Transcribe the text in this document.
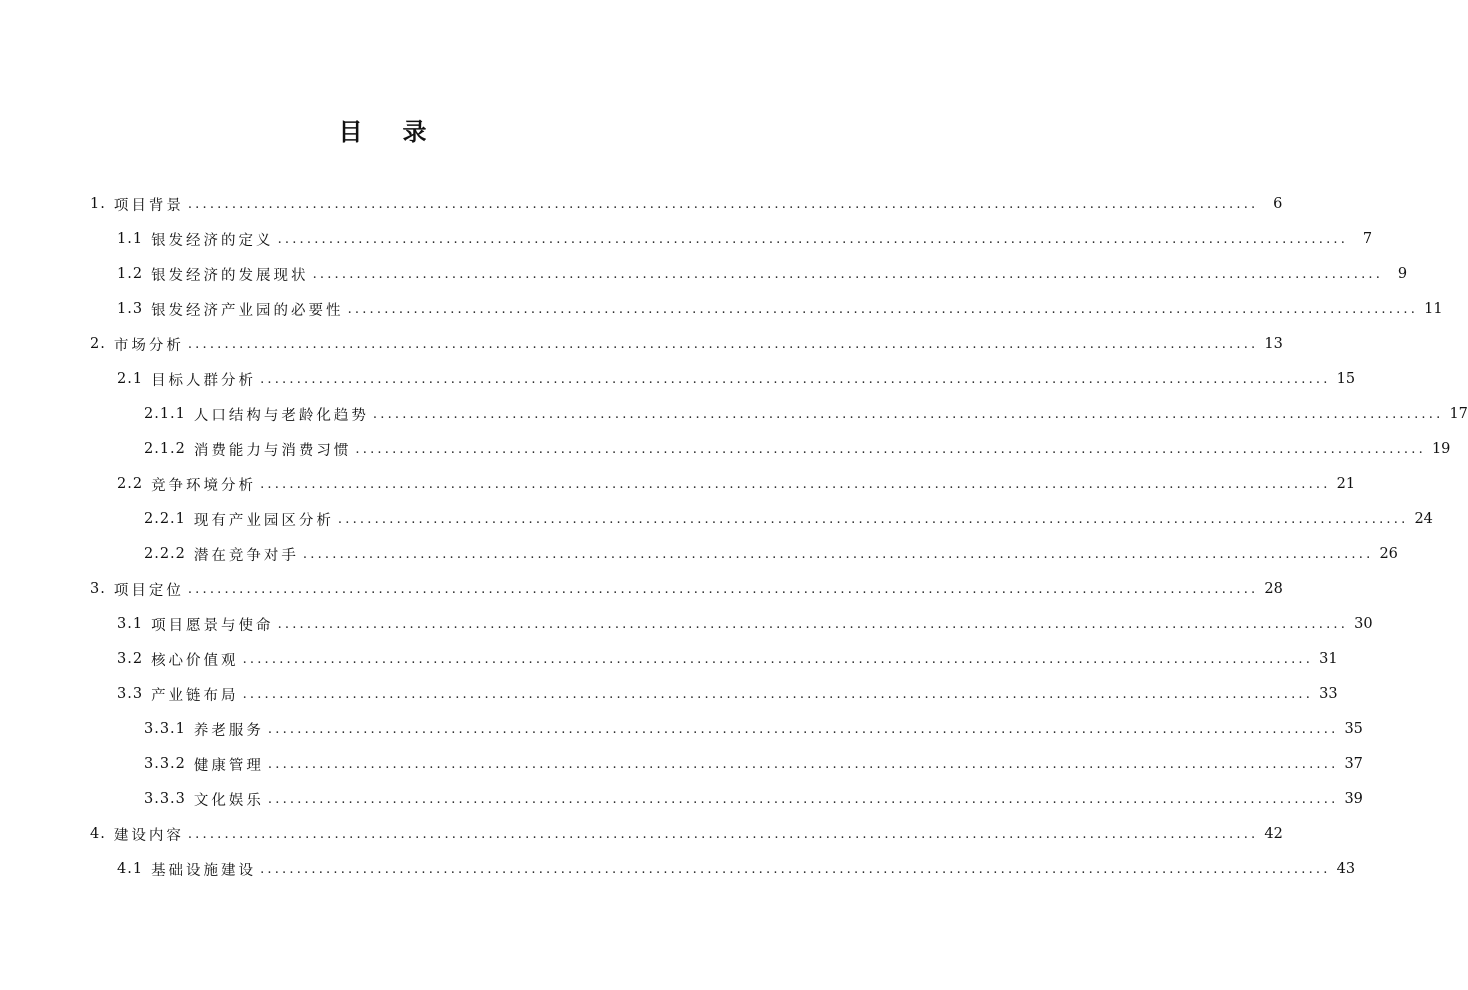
目录
1. 项目背景 ..................................................................................................................................................	6
1.1 银发经济的定义 ..................................................................................................................................................	7
1.2 银发经济的发展现状 ..................................................................................................................................................	9
1.3 银发经济产业园的必要性 .................................................................................................................................................. 11
2. 市场分析 .................................................................................................................................................. 13
2.1 目标人群分析 .................................................................................................................................................. 15
2.1.1 人口结构与老龄化趋势 .................................................................................................................................................. 17
2.1.2 消费能力与消费习惯 .................................................................................................................................................. 19
2.2 竞争环境分析 .................................................................................................................................................. 21
2.2.1 现有产业园区分析 .................................................................................................................................................. 24
2.2.2 潜在竞争对手 .................................................................................................................................................. 26
3. 项目定位 .................................................................................................................................................. 28
3.1 项目愿景与使命 .................................................................................................................................................. 30
3.2 核心价值观 .................................................................................................................................................. 31
3.3 产业链布局 .................................................................................................................................................. 33
3.3.1 养老服务 .................................................................................................................................................. 35
3.3.2 健康管理 .................................................................................................................................................. 37
3.3.3 文化娱乐 .................................................................................................................................................. 39
4. 建设内容 .................................................................................................................................................. 42
4.1 基础设施建设 .................................................................................................................................................. 43
